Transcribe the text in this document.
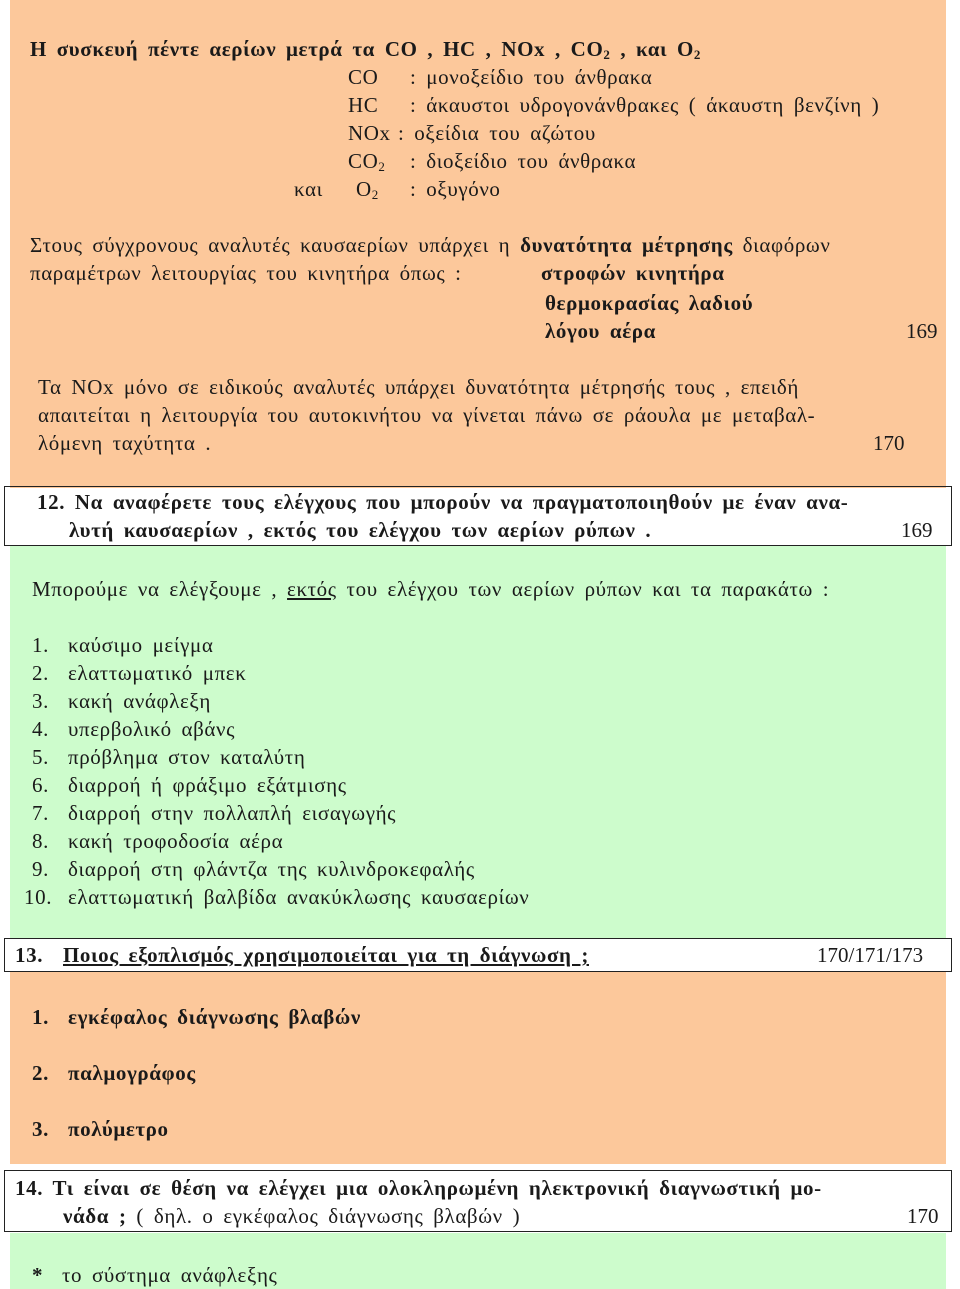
Η συσκευή πέντε αερίων μετρά τα CO , HC , NOx , $CO_2$ , και $O_2$
CO : μονοξείδιο του άνθρακα
HC : άκαυστοι υδρογονάνθρακες ( άκαυστη βενζίνη )
NOx : οξείδια του αζώτου
$CO_2$ : διοξείδιο του άνθρακα
και $O_2$ : οξυγόνο
Στους σύγχρονους αναλυτές καυσαερίων υπάρχει η δυνατότητα μέτρησης διαφόρων
παραμέτρων λειτουργίας του κινητήρα όπως :	στροφών κινητήρα
θερμοκρασίας λαδιού
λόγου αέρα	169
Τα NOx μόνο σε ειδικούς αναλυτές υπάρχει δυνατότητα μέτρησής τους , επειδή
απαιτείται η λειτουργία του αυτοκινήτου να γίνεται πάνω σε ράουλα με μεταβαλ-
λόμενη ταχύτητα .	170
12. Να αναφέρετε τους ελέγχους που μπορούν να πραγματοποιηθούν με έναν ανα-
λυτή καυσαερίων , εκτός του ελέγχου των αερίων ρύπων .	169
Μπορούμε να ελέγξουμε , εκτός του ελέγχου των αερίων ρύπων και τα παρακάτω :
1. καύσιμο μείγμα
2. ελαττωματικό μπεκ
3. κακή ανάφλεξη
4. υπερβολικό αβάνς
5. πρόβλημα στον καταλύτη
6. διαρροή ή φράξιμο εξάτμισης
7. διαρροή στην πολλαπλή εισαγωγής
8. κακή τροφοδοσία αέρα
9. διαρροή στη φλάντζα της κυλινδροκεφαλής
10. ελαττωματική βαλβίδα ανακύκλωσης καυσαερίων
13. Ποιος εξοπλισμός χρησιμοποιείται για τη διάγνωση ;	170/171/173
1. εγκέφαλος διάγνωσης βλαβών
2. παλμογράφος
3. πολύμετρο
14. Τι είναι σε θέση να ελέγχει μια ολοκληρωμένη ηλεκτρονική διαγνωστική μο-
νάδα ; ( δηλ. ο εγκέφαλος διάγνωσης βλαβών )	170
* το σύστημα ανάφλεξης
